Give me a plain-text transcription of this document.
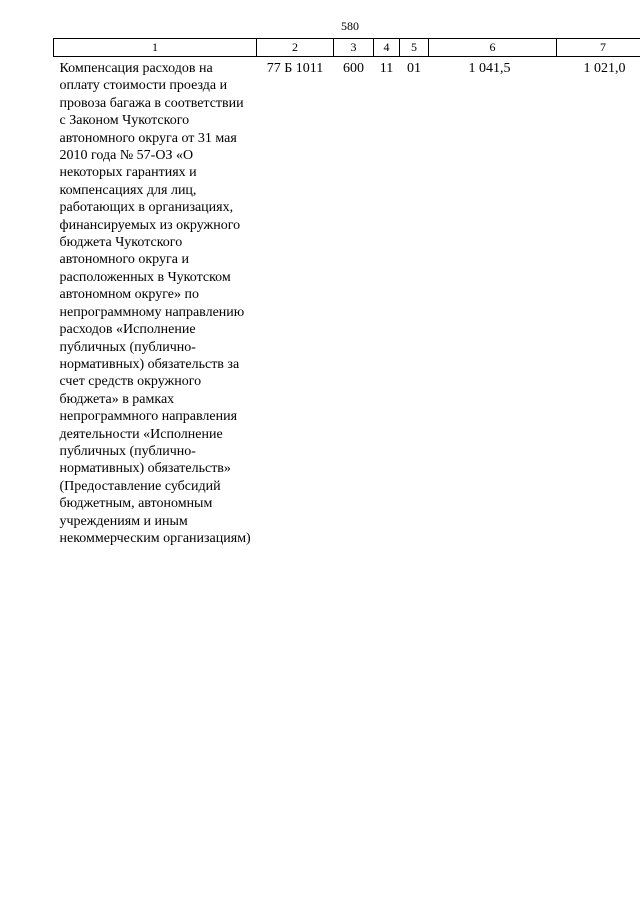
580
1	2	3	4	5	6	7
Компенсация расходов на оплату стоимости проезда и провоза багажа в соответствии с Законом Чукотского автономного округа от 31 мая 2010 года № 57-ОЗ «О некоторых гарантиях и компенсациях для лиц, работающих в организациях, финансируемых из окружного бюджета Чукотского автономного округа и расположенных в Чукотском автономном округе» по непрограммному направлению расходов «Исполнение публичных (публично-нормативных) обязательств за счет средств окружного бюджета» в рамках непрограммного направления деятельности «Исполнение публичных (публично-нормативных) обязательств» (Предоставление субсидий бюджетным, автономным учреждениям и иным некоммерческим организациям)	77 Б 1011	600	11	01	1 041,5	1 021,0
